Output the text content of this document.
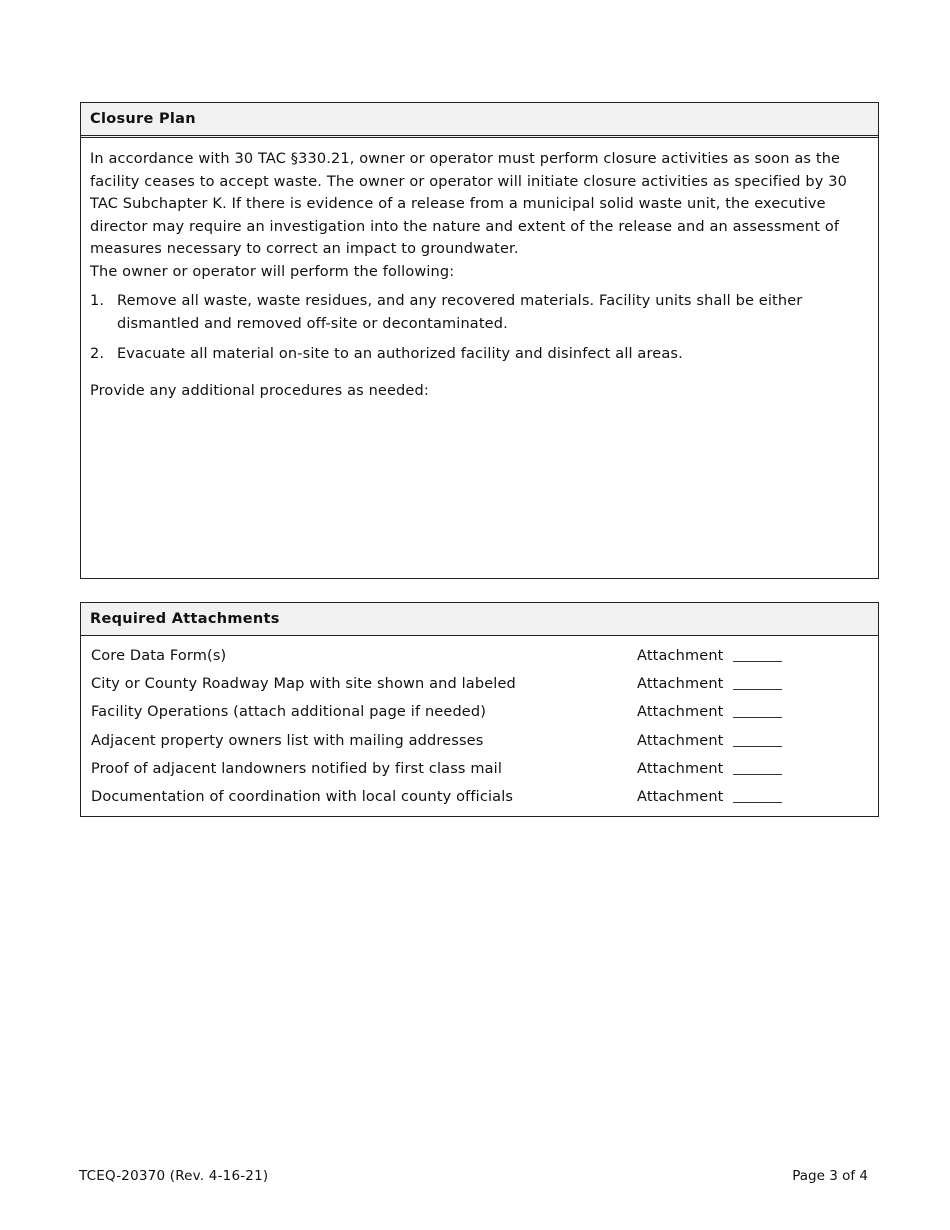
Closure Plan

In accordance with 30 TAC §330.21, owner or operator must perform closure activities as soon as the facility ceases to accept waste. The owner or operator will initiate closure activities as specified by 30 TAC Subchapter K. If there is evidence of a release from a municipal solid waste unit, the executive director may require an investigation into the nature and extent of the release and an assessment of measures necessary to correct an impact to groundwater.

The owner or operator will perform the following:

1. Remove all waste, waste residues, and any recovered materials. Facility units shall be either dismantled and removed off-site or decontaminated.
2. Evacuate all material on-site to an authorized facility and disinfect all areas.

Provide any additional procedures as needed:

Required Attachments
Core Data Form(s)	Attachment
City or County Roadway Map with site shown and labeled	Attachment
Facility Operations (attach additional page if needed)	Attachment
Adjacent property owners list with mailing addresses	Attachment
Proof of adjacent landowners notified by first class mail	Attachment
Documentation of coordination with local county officials	Attachment
TCEQ-20370 (Rev. 4-16-21)	Page 3 of 4
